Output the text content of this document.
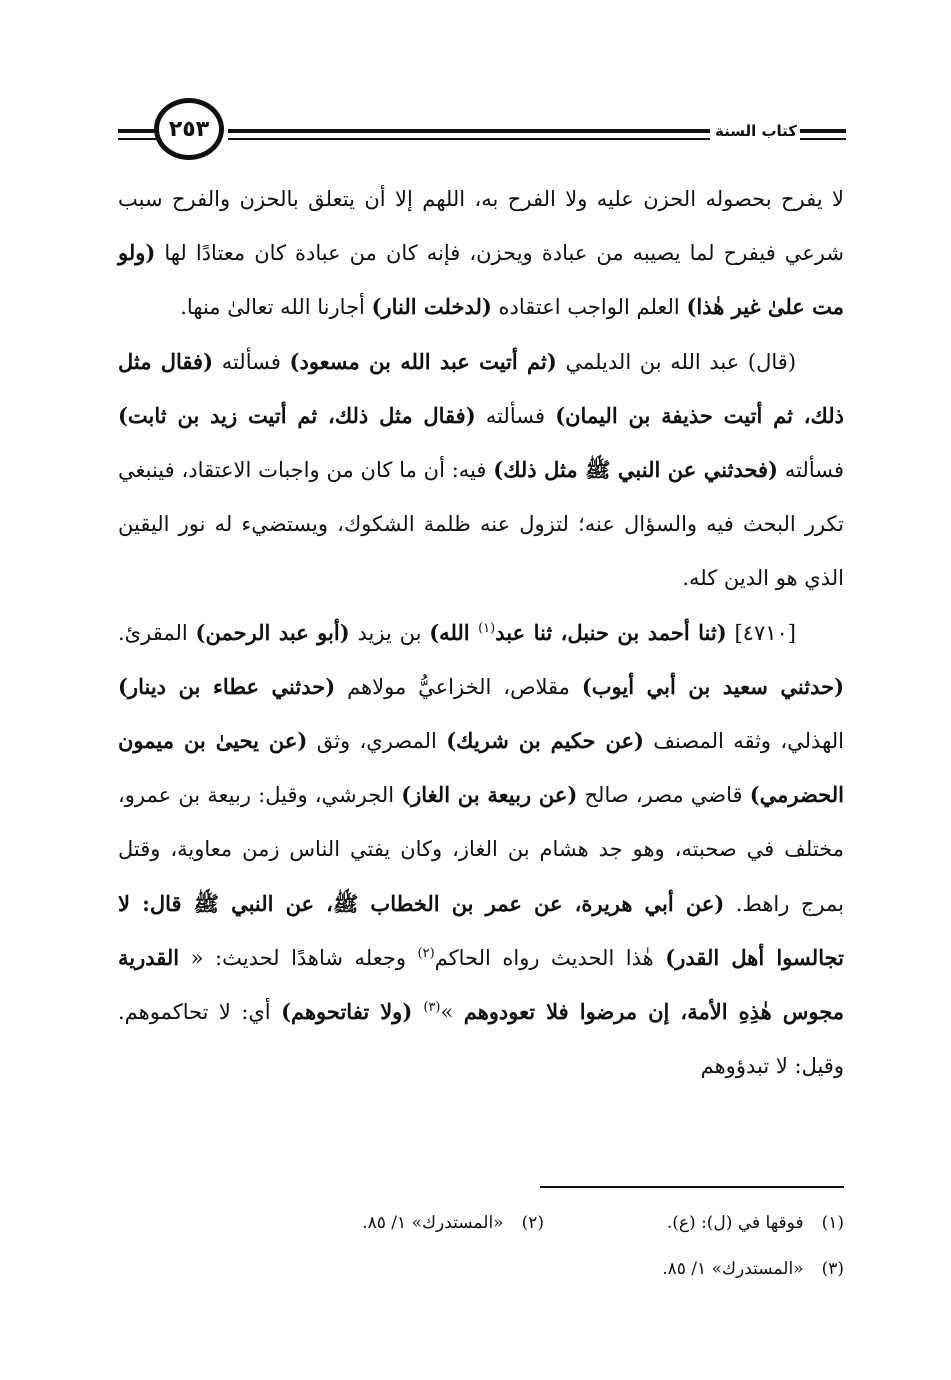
٢٥٣	كتاب السنة

لا يفرح بحصوله الحزن عليه ولا الفرح به، اللهم إلا أن يتعلق بالحزن والفرح سبب شرعي فيفرح لما يصيبه من عبادة ويحزن، فإنه كان من عبادة كان معتادًا لها (ولو مت علىٰ غير هٰذا) العلم الواجب اعتقاده (لدخلت النار) أجارنا الله تعالىٰ منها.

(قال) عبد الله بن الديلمي (ثم أتيت عبد الله بن مسعود) فسألته (فقال مثل ذلك، ثم أتيت حذيفة بن اليمان) فسألته (فقال مثل ذلك، ثم أتيت زيد بن ثابت) فسألته (فحدثني عن النبي ﷺ مثل ذلك) فيه: أن ما كان من واجبات الاعتقاد، فينبغي تكرر البحث فيه والسؤال عنه؛ لتزول عنه ظلمة الشكوك، ويستضيء له نور اليقين الذي هو الدين كله.

[٤٧١٠] (ثنا أحمد بن حنبل، ثنا عبد$^{(١)}$ الله) بن يزيد (أبو عبد الرحمن) المقرئ. (حدثني سعيد بن أبي أيوب) مقلاص، الخزاعيُّ مولاهم (حدثني عطاء بن دينار) الهذلي، وثقه المصنف (عن حكيم بن شريك) المصري، وثق (عن يحيىٰ بن ميمون الحضرمي) قاضي مصر، صالح (عن ربيعة بن الغاز) الجرشي، وقيل: ربيعة بن عمرو، مختلف في صحبته، وهو جد هشام بن الغاز، وكان يفتي الناس زمن معاوية، وقتل بمرج راهط. (عن أبي هريرة، عن عمر بن الخطاب ﷺ، عن النبي ﷺ قال: لا تجالسوا أهل القدر) هٰذا الحديث رواه الحاكم$^{(٢)}$ وجعله شاهدًا لحديث: « القدرية مجوس هٰذِهِ الأمة، إن مرضوا فلا تعودوهم »$^{(٣)}$ (ولا تفاتحوهم) أي: لا تحاكموهم. وقيل: لا تبدؤوهم

(١)فوقها في (ل): (ع).
(٢)«المستدرك» ١/ ٨٥.
(٣)«المستدرك» ١/ ٨٥.
